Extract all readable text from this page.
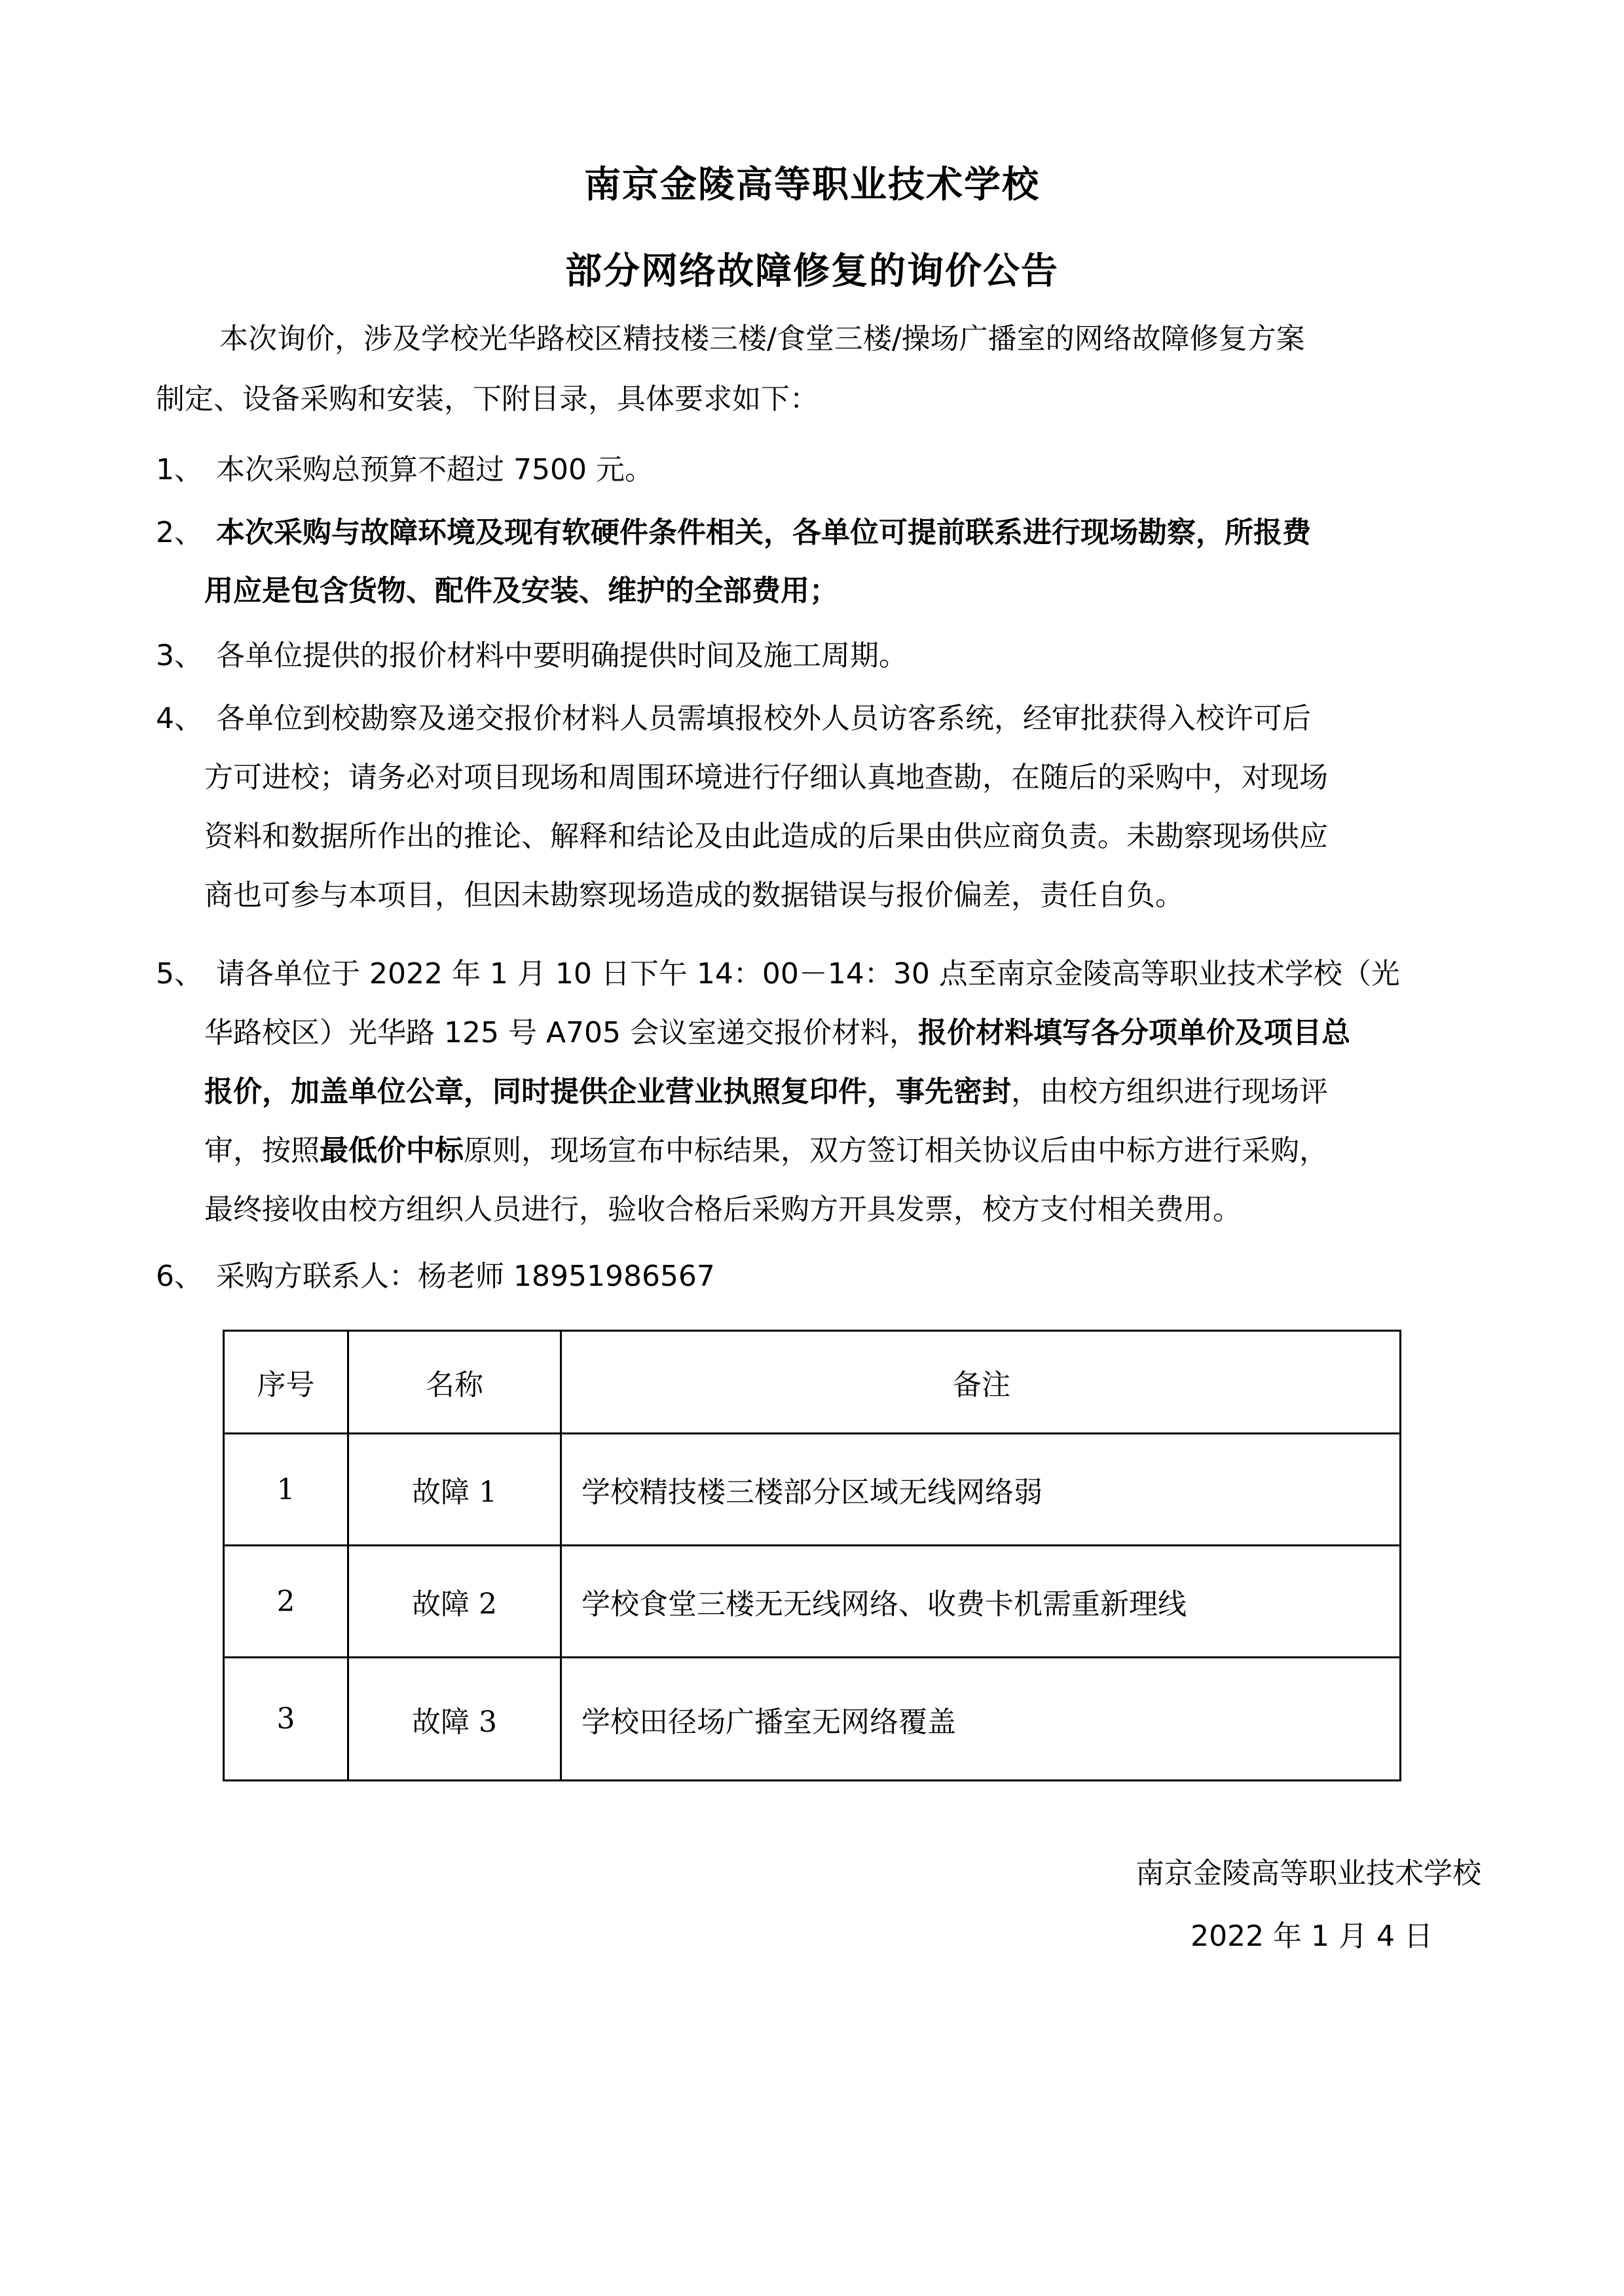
南京金陵高等职业技术学校
部分网络故障修复的询价公告
本次询价，涉及学校光华路校区精技楼三楼/食堂三楼/操场广播室的网络故障修复方案
制定、设备采购和安装，下附目录，具体要求如下：
1、 本次采购总预算不超过 7500 元。
2、 本次采购与故障环境及现有软硬件条件相关，各单位可提前联系进行现场勘察，所报费
用应是包含货物、配件及安装、维护的全部费用；
3、 各单位提供的报价材料中要明确提供时间及施工周期。
4、 各单位到校勘察及递交报价材料人员需填报校外人员访客系统，经审批获得入校许可后
方可进校；请务必对项目现场和周围环境进行仔细认真地查勘，在随后的采购中，对现场
资料和数据所作出的推论、解释和结论及由此造成的后果由供应商负责。未勘察现场供应
商也可参与本项目，但因未勘察现场造成的数据错误与报价偏差，责任自负。
5、 请各单位于 2022 年 1 月 10 日下午 14：00－14：30 点至南京金陵高等职业技术学校（光
华路校区）光华路 125 号 A705 会议室递交报价材料，报价材料填写各分项单价及项目总
报价，加盖单位公章，同时提供企业营业执照复印件，事先密封，由校方组织进行现场评
审，按照最低价中标原则，现场宣布中标结果，双方签订相关协议后由中标方进行采购，
最终接收由校方组织人员进行，验收合格后采购方开具发票，校方支付相关费用。
6、 采购方联系人：杨老师 18951986567
序号	名称	备注
1	故障 1	学校精技楼三楼部分区域无线网络弱
2	故障 2	学校食堂三楼无无线网络、收费卡机需重新理线
3	故障 3	学校田径场广播室无网络覆盖
南京金陵高等职业技术学校
2022 年 1 月 4 日
